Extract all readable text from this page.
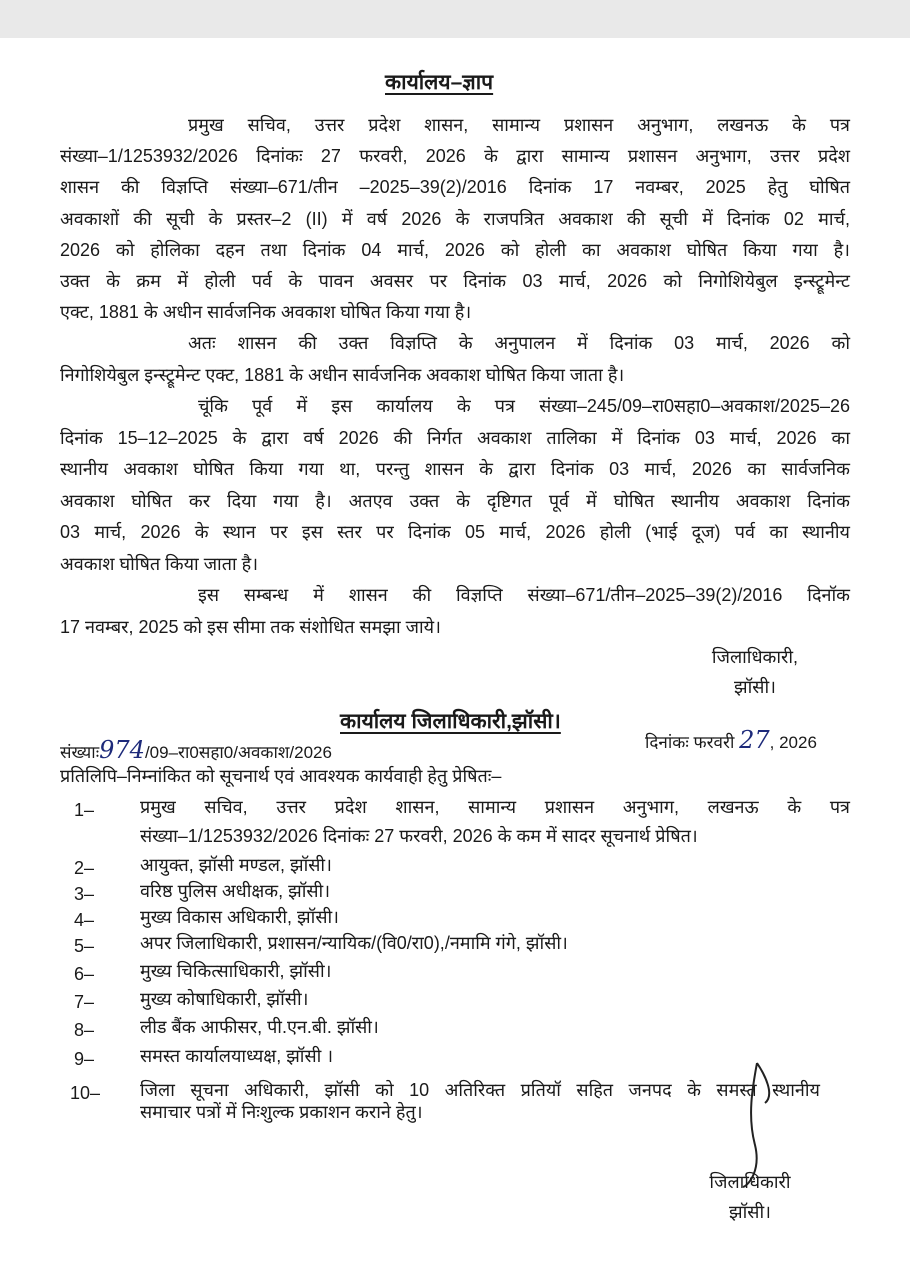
कार्यालय–ज्ञाप
प्रमुख सचिव, उत्तर प्रदेश शासन, सामान्य प्रशासन अनुभाग, लखनऊ के पत्र
संख्या–1/1253932/2026 दिनांकः 27 फरवरी, 2026 के द्वारा सामान्य प्रशासन अनुभाग, उत्तर प्रदेश
शासन की विज्ञप्ति संख्या–671/तीन –2025–39(2)/2016 दिनांक 17 नवम्बर, 2025 हेतु घोषित
अवकाशों की सूची के प्रस्तर–2 (II) में वर्ष 2026 के राजपत्रित अवकाश की सूची में दिनांक 02 मार्च,
2026 को होलिका दहन तथा दिनांक 04 मार्च, 2026 को होली का अवकाश घोषित किया गया है।
उक्त के क्रम में होली पर्व के पावन अवसर पर दिनांक 03 मार्च, 2026 को निगोशियेबुल इन्स्ट्रूमेन्ट
एक्ट, 1881 के अधीन सार्वजनिक अवकाश घोषित किया गया है।
अतः शासन की उक्त विज्ञप्ति के अनुपालन में दिनांक 03 मार्च, 2026 को
निगोशियेबुल इन्स्ट्रूमेन्ट एक्ट, 1881 के अधीन सार्वजनिक अवकाश घोषित किया जाता है।
चूंकि पूर्व में इस कार्यालय के पत्र संख्या–245/09–रा0सहा0–अवकाश/2025–26
दिनांक 15–12–2025 के द्वारा वर्ष 2026 की निर्गत अवकाश तालिका में दिनांक 03 मार्च, 2026 का
स्थानीय अवकाश घोषित किया गया था, परन्तु शासन के द्वारा दिनांक 03 मार्च, 2026 का सार्वजनिक
अवकाश घोषित कर दिया गया है। अतएव उक्त के दृष्टिगत पूर्व में घोषित स्थानीय अवकाश दिनांक
03 मार्च, 2026 के स्थान पर इस स्तर पर दिनांक 05 मार्च, 2026 होली (भाई दूज) पर्व का स्थानीय
अवकाश घोषित किया जाता है।
इस सम्बन्ध में शासन की विज्ञप्ति संख्या–671/तीन–2025–39(2)/2016 दिनॉक
17 नवम्बर, 2025 को इस सीमा तक संशोधित समझा जाये।
जिलाधिकारी,
झॉसी।
कार्यालय जिलाधिकारी,झॉसी।
संख्याः974/09–रा0सहा0/अवकाश/2026
दिनांकः फरवरी 27, 2026
प्रतिलिपि–निम्नांकित को सूचनार्थ एवं आवश्यक कार्यवाही हेतु प्रेषितः–
1–	प्रमुख सचिव, उत्तर प्रदेश शासन, सामान्य प्रशासन अनुभाग, लखनऊ के पत्र
संख्या–1/1253932/2026 दिनांकः 27 फरवरी, 2026 के कम में सादर सूचनार्थ प्रेषित।
2–	आयुक्त, झॉसी मण्डल, झॉसी।
3–	वरिष्ठ पुलिस अधीक्षक, झॉसी।
4–	मुख्य विकास अधिकारी, झॉसी।
5–	अपर जिलाधिकारी, प्रशासन/न्यायिक/(वि0/रा0),/नमामि गंगे, झॉसी।
6–	मुख्य चिकित्साधिकारी, झॉसी।
7–	मुख्य कोषाधिकारी, झॉसी।
8–	लीड बैंक आफीसर, पी.एन.बी. झॉसी।
9–	समस्त कार्यालयाध्यक्ष, झॉसी ।
10– जिला सूचना अधिकारी, झॉसी को 10 अतिरिक्त प्रतियॉ सहित जनपद के समस्त स्थानीय
समाचार पत्रों में निःशुल्क प्रकाशन कराने हेतु।
जिलाधिकारी
झॉसी।
